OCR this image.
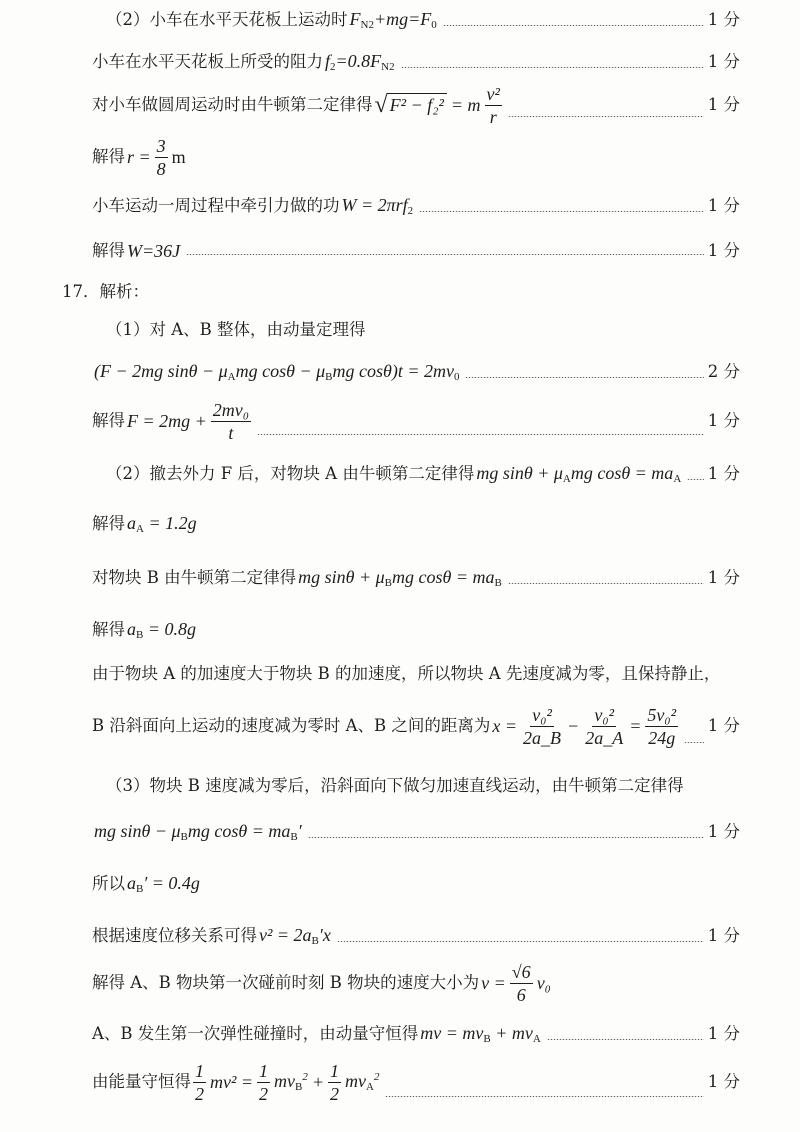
（2）小车在水平天花板上运动时 FN2+mg=F0	1 分
小车在水平天花板上所受的阻力 f2=0.8FN2	1 分
对小车做圆周运动时由牛顿第二定律得 √ F² − f₂² = m $\frac{\text{v²}}{r}$	1 分
解得 $r = \frac{3}{8}$ m
小车运动一周过程中牵引力做的功 W = 2πrf2	1 分
解得 W=36J	1 分
17．解析：
（1）对 A、B 整体，由动量定理得
(F − 2mg sinθ − μAmg cosθ − μBmg cosθ)t = 2mv0	2 分
解得 $F = 2mg + \frac{\text{2mv₀}}{t}$	1 分
（2）撤去外力 F 后，对物块 A 由牛顿第二定律得 mg sinθ + μAmg cosθ = maA 1 分
解得 aA = 1.2g
对物块 B 由牛顿第二定律得 mg sinθ + μBmg cosθ = maB	1 分
解得 aB = 0.8g
由于物块 A 的加速度大于物块 B 的加速度，所以物块 A 先速度减为零，且保持静止，
B 沿斜面向上运动的速度减为零时 A、B 之间的距离为 $x = \frac{\text{v₀²}}{2a\_B} - \frac{\text{v₀²}}{2a\_A} = \frac{\text{5v₀²}}{24g} 1$ 分
（3）物块 B 速度减为零后，沿斜面向下做匀加速直线运动，由牛顿第二定律得
mg sinθ − μBmg cosθ = maB′	1 分
所以 aB′ = 0.4g
根据速度位移关系可得 v² = 2aB′x	1 分
解得 A、B 物块第一次碰前时刻 B 物块的速度大小为 $v = \frac{√6}{6} v_0$
A、B 发生第一次弹性碰撞时，由动量守恒得 mv = mvB + mvA	1 分
由能量守恒得 $\frac{1}{2} mv^2 = \frac{1}{2} mvB^2 + \frac{1}{2} mvA^2$	1 分
